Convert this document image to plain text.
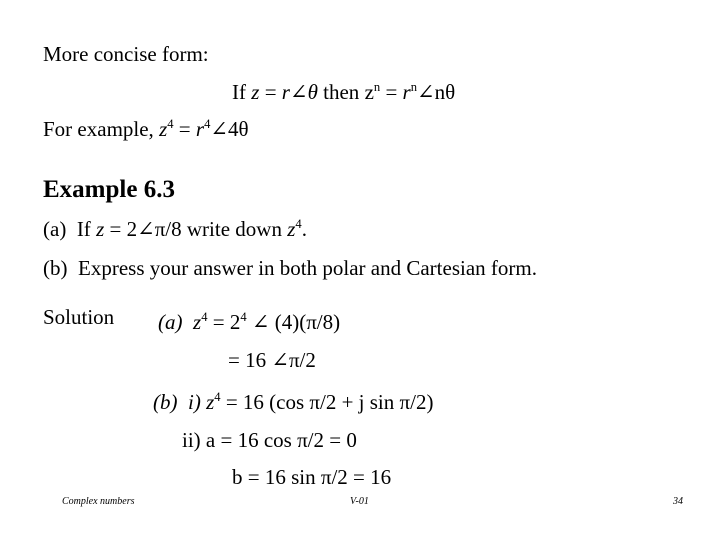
More concise form:
If z = r∠θ then $z^n$ = $r^n\angle n\theta$
For example, $z^4$ = $r^4\angle 4\theta$
Example 6.3
(a) If z = 2∠π/8 write down $z^4$.
(b) Express your answer in both polar and Cartesian form.
Solution (a) $z^4 = 2^4$ ∠ (4)(π/8)
= 16 ∠π/2
(b) i) $z^4 = 16$ (cos π/2 + j sin π/2)
ii) a = 16 cos π/2 = 0
b = 16 sin π/2 = 16
Complex numbers	V-01	34
